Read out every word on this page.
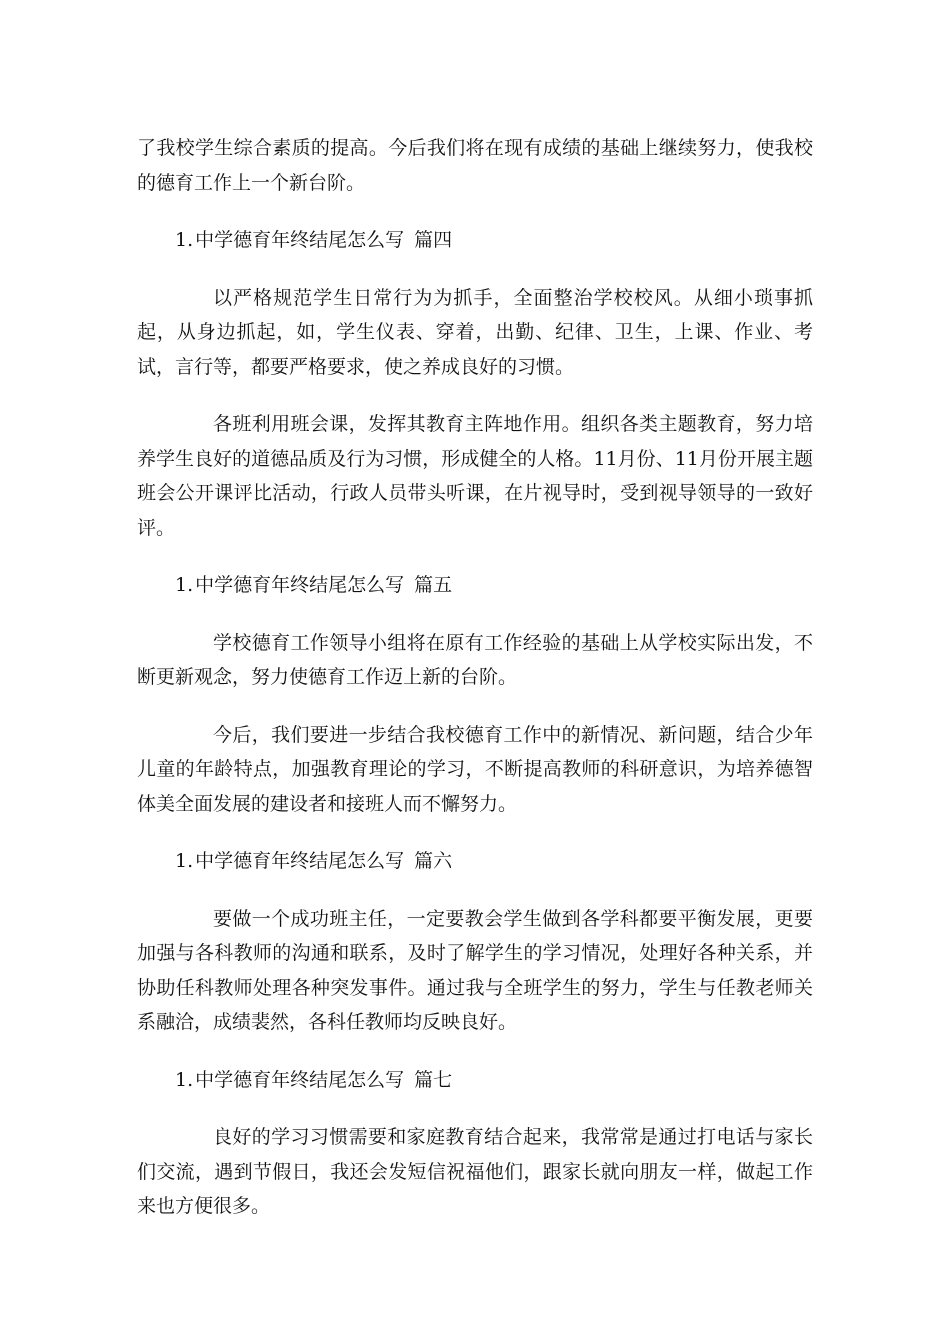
了我校学生综合素质的提高。今后我们将在现有成绩的基础上继续努力，使我校的德育工作上一个新台阶。

1. 中学德育年终结尾怎么写 篇四

以严格规范学生日常行为为抓手，全面整治学校校风。从细小琐事抓起，从身边抓起，如，学生仪表、穿着，出勤、纪律、卫生，上课、作业、考试，言行等，都要严格要求，使之养成良好的习惯。

各班利用班会课，发挥其教育主阵地作用。组织各类主题教育，努力培养学生良好的道德品质及行为习惯，形成健全的人格。11月份、11月份开展主题班会公开课评比活动，行政人员带头听课，在片视导时，受到视导领导的一致好评。

1. 中学德育年终结尾怎么写 篇五

学校德育工作领导小组将在原有工作经验的基础上从学校实际出发，不断更新观念，努力使德育工作迈上新的台阶。

今后，我们要进一步结合我校德育工作中的新情况、新问题，结合少年儿童的年龄特点，加强教育理论的学习，不断提高教师的科研意识，为培养德智体美全面发展的建设者和接班人而不懈努力。

1. 中学德育年终结尾怎么写 篇六

要做一个成功班主任，一定要教会学生做到各学科都要平衡发展，更要加强与各科教师的沟通和联系，及时了解学生的学习情况，处理好各种关系，并协助任科教师处理各种突发事件。通过我与全班学生的努力，学生与任教老师关系融洽，成绩裴然，各科任教师均反映良好。

1. 中学德育年终结尾怎么写 篇七

良好的学习习惯需要和家庭教育结合起来，我常常是通过打电话与家长们交流，遇到节假日，我还会发短信祝福他们，跟家长就向朋友一样，做起工作来也方便很多。
